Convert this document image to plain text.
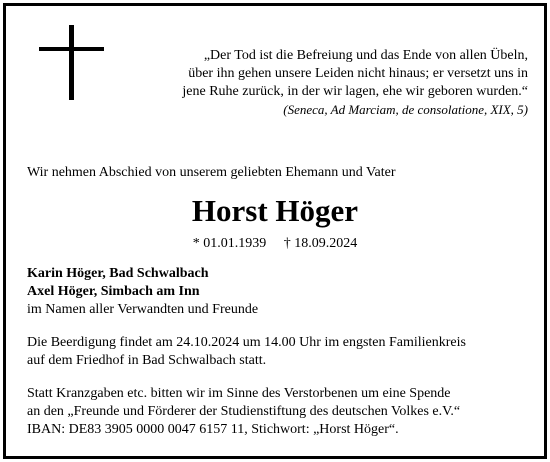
„Der Tod ist die Befreiung und das Ende von allen Übeln,
über ihn gehen unsere Leiden nicht hinaus; er versetzt uns in
jene Ruhe zurück, in der wir lagen, ehe wir geboren wurden.“
(Seneca, Ad Marciam, de consolatione, XIX, 5)
Wir nehmen Abschied von unserem geliebten Ehemann und Vater
Horst Höger
* 01.01.1939 † 18.09.2024
Karin Höger, Bad Schwalbach
Axel Höger, Simbach am Inn
im Namen aller Verwandten und Freunde
Die Beerdigung findet am 24.10.2024 um 14.00 Uhr im engsten Familienkreis
auf dem Friedhof in Bad Schwalbach statt.
Statt Kranzgaben etc. bitten wir im Sinne des Verstorbenen um eine Spende
an den „Freunde und Förderer der Studienstiftung des deutschen Volkes e.V.“
IBAN: DE83 3905 0000 0047 6157 11, Stichwort: „Horst Höger“.
